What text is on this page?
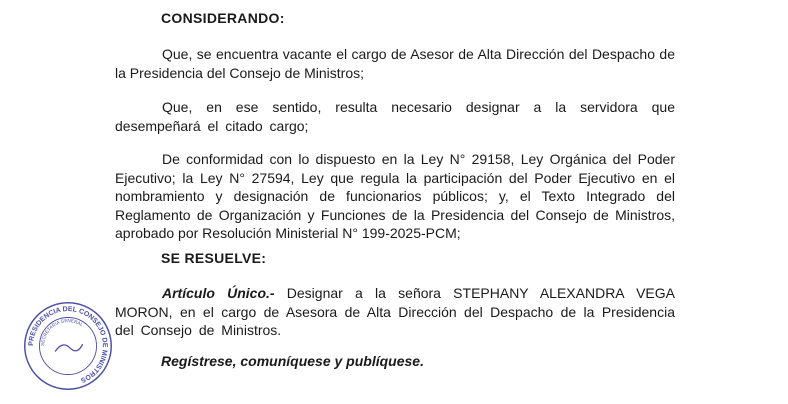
CONSIDERANDO:

Que, se encuentra vacante el cargo de Asesor de Alta Dirección del Despacho de la Presidencia del Consejo de Ministros;

Que, en ese sentido, resulta necesario designar a la servidora que desempeñará el citado cargo;

De conformidad con lo dispuesto en la Ley N° 29158, Ley Orgánica del Poder Ejecutivo; la Ley N° 27594, Ley que regula la participación del Poder Ejecutivo en el nombramiento y designación de funcionarios públicos; y, el Texto Integrado del Reglamento de Organización y Funciones de la Presidencia del Consejo de Ministros, aprobado por Resolución Ministerial N° 199-2025-PCM;

SE RESUELVE:

Artículo Único.- Designar a la señora STEPHANY ALEXANDRA VEGA MORON, en el cargo de Asesora de Alta Dirección del Despacho de la Presidencia del Consejo de Ministros.

Regístrese, comuníquese y publíquese.

PRESIDENCIA DEL CONSEJO DE MINISTROS
SECRETARIA GENERAL
